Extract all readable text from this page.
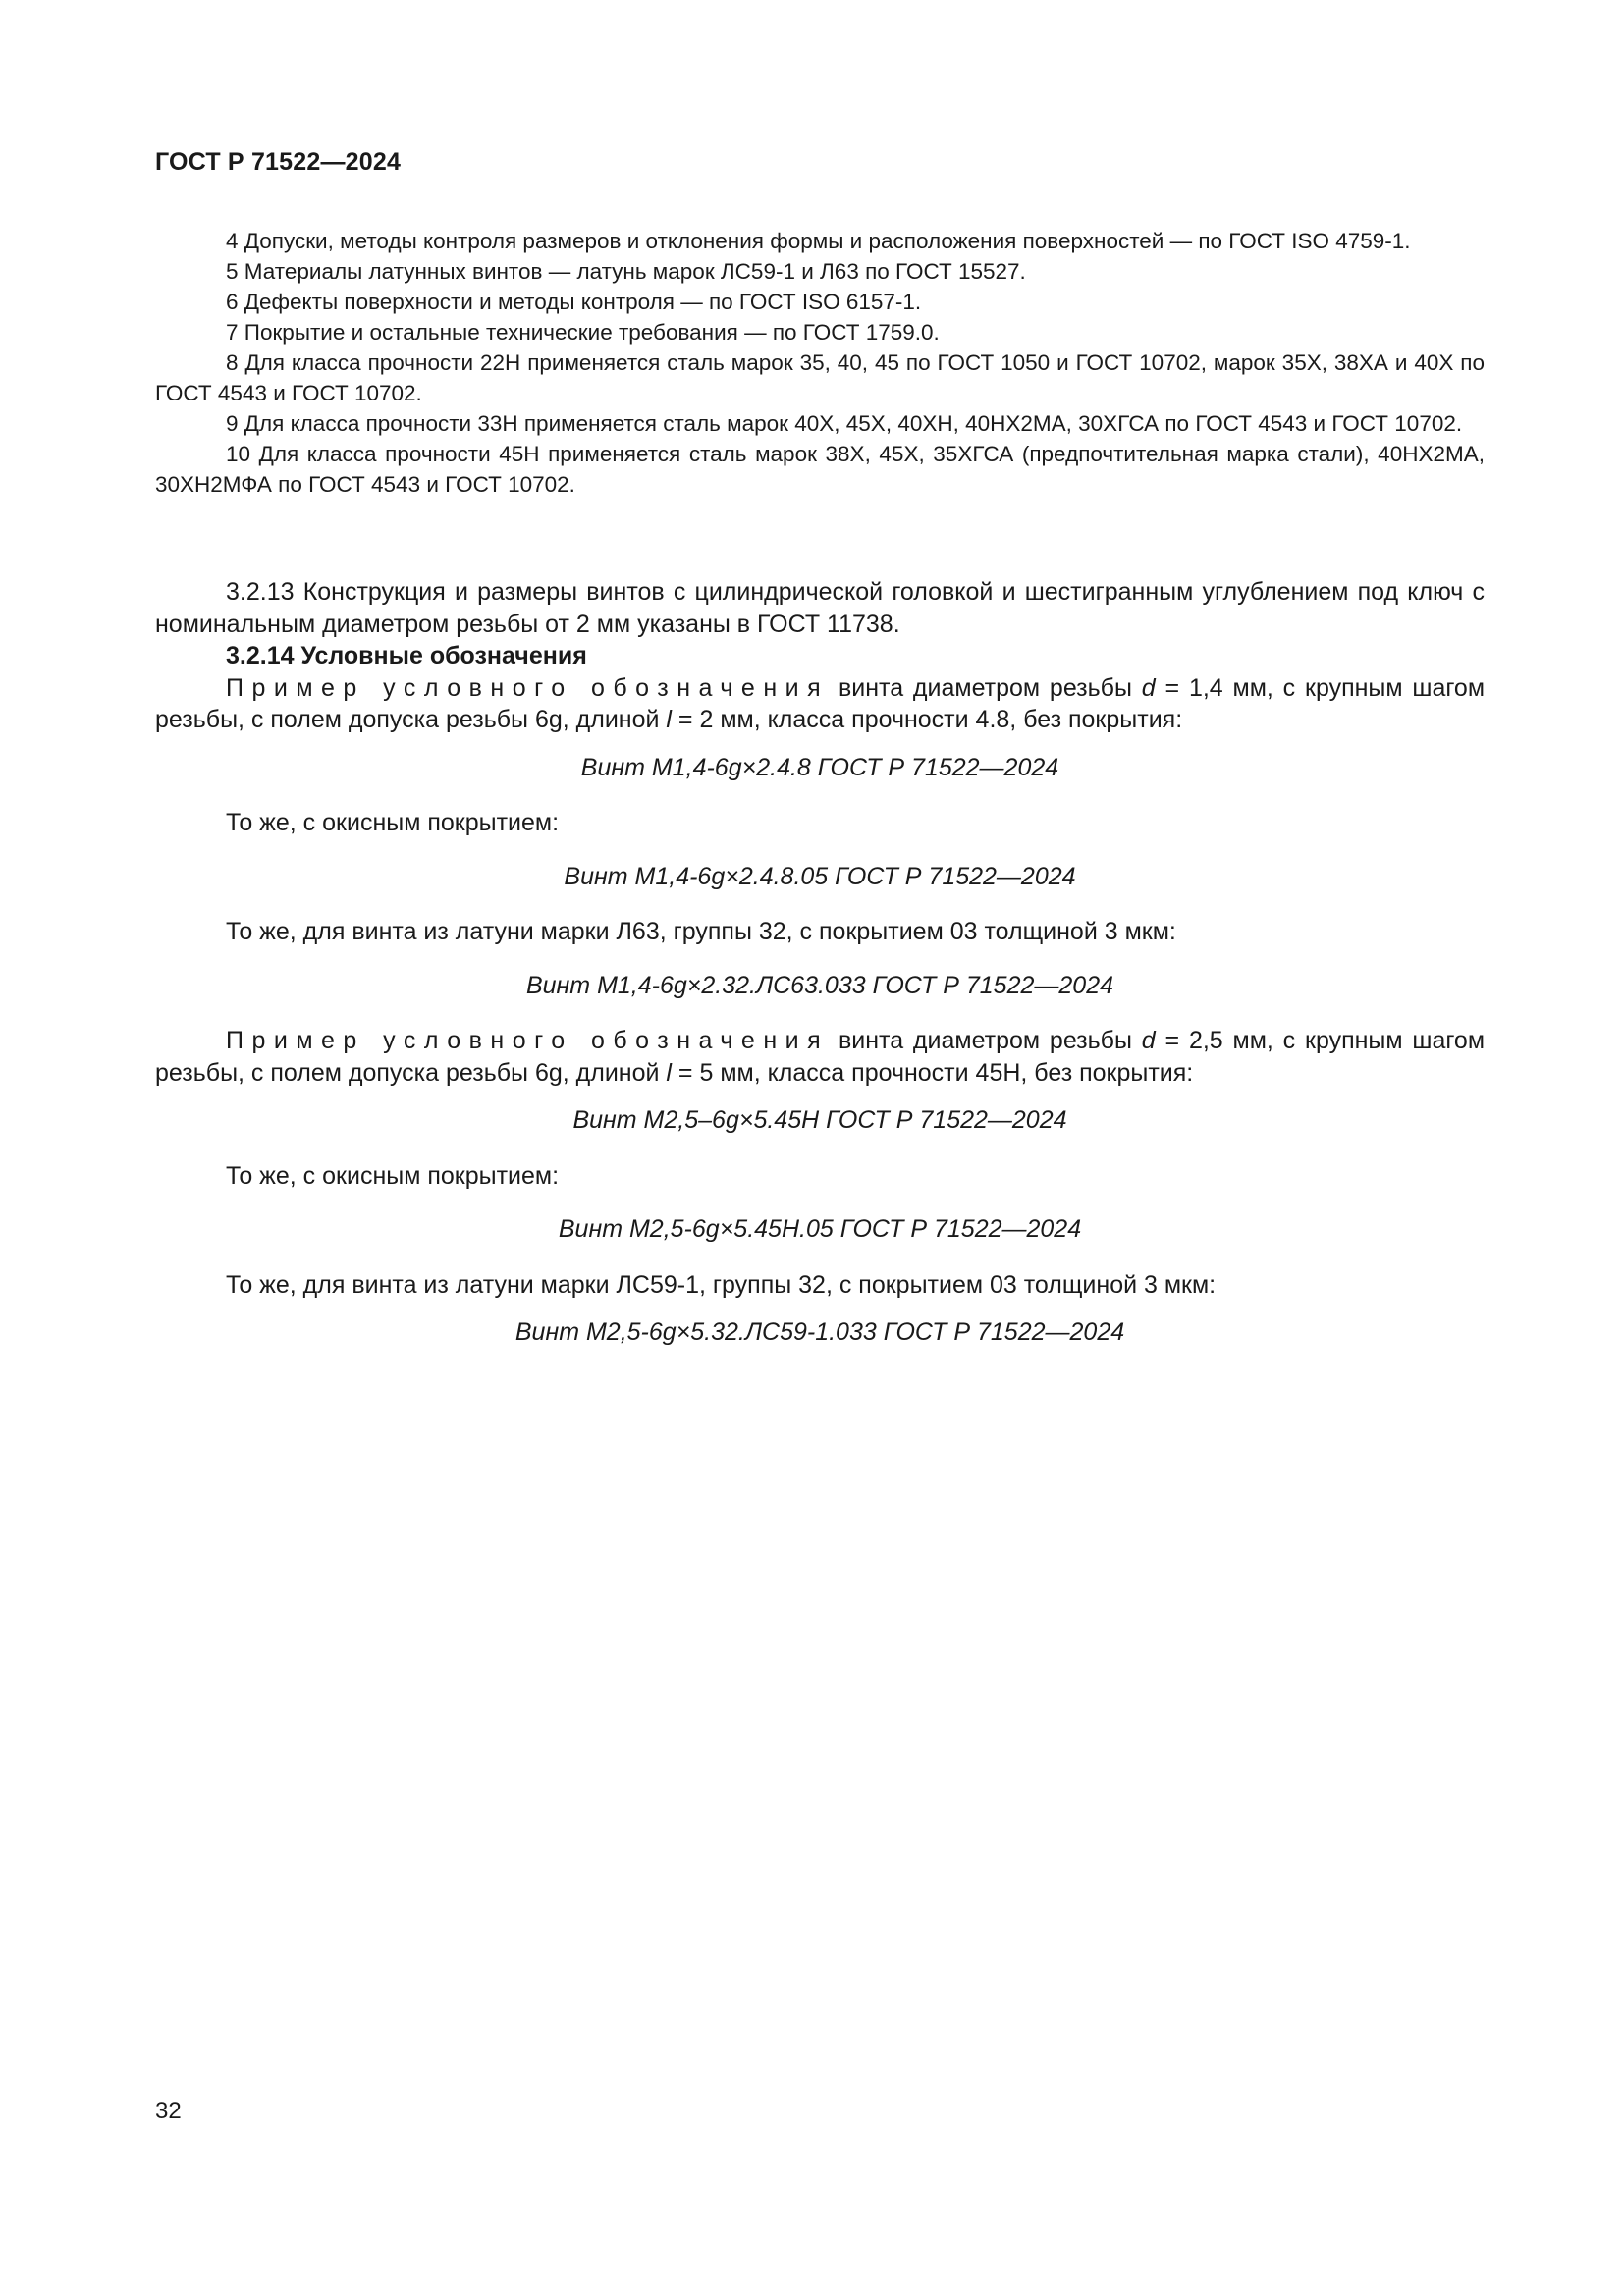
ГОСТ Р 71522—2024

4 Допуски, методы контроля размеров и отклонения формы и расположения поверхностей — по ГОСТ ISO 4759-1.

5 Материалы латунных винтов — латунь марок ЛС59-1 и Л63 по ГОСТ 15527.

6 Дефекты поверхности и методы контроля — по ГОСТ ISO 6157-1.

7 Покрытие и остальные технические требования — по ГОСТ 1759.0.

8 Для класса прочности 22Н применяется сталь марок 35, 40, 45 по ГОСТ 1050 и ГОСТ 10702, марок 35Х, 38ХА и 40Х по ГОСТ 4543 и ГОСТ 10702.

9 Для класса прочности 33Н применяется сталь марок 40Х, 45Х, 40ХН, 40НХ2МА, 30ХГСА по ГОСТ 4543 и ГОСТ 10702.

10 Для класса прочности 45Н применяется сталь марок 38Х, 45Х, 35ХГСА (предпочтительная марка стали), 40НХ2МА, 30ХН2МФА по ГОСТ 4543 и ГОСТ 10702.

3.2.13 Конструкция и размеры винтов с цилиндрической головкой и шестигранным углублением под ключ с номинальным диаметром резьбы от 2 мм указаны в ГОСТ 11738.

3.2.14 Условные обозначения

Пример условного обозначения винта диаметром резьбы d = 1,4 мм, с крупным шагом резьбы, с полем допуска резьбы 6g, длиной l = 2 мм, класса прочности 4.8, без покрытия:

Винт М1,4-6g×2.4.8 ГОСТ Р 71522—2024

То же, с окисным покрытием:

Винт М1,4-6g×2.4.8.05 ГОСТ Р 71522—2024

То же, для винта из латуни марки Л63, группы 32, с покрытием 03 толщиной 3 мкм:

Винт М1,4-6g×2.32.ЛС63.033 ГОСТ Р 71522—2024

Пример условного обозначения винта диаметром резьбы d = 2,5 мм, с крупным шагом резьбы, с полем допуска резьбы 6g, длиной l = 5 мм, класса прочности 45Н, без покрытия:

Винт М2,5–6g×5.45Н ГОСТ Р 71522—2024

То же, с окисным покрытием:

Винт М2,5-6g×5.45Н.05 ГОСТ Р 71522—2024

То же, для винта из латуни марки ЛС59-1, группы 32, с покрытием 03 толщиной 3 мкм:

Винт М2,5-6g×5.32.ЛС59-1.033 ГОСТ Р 71522—2024

32
